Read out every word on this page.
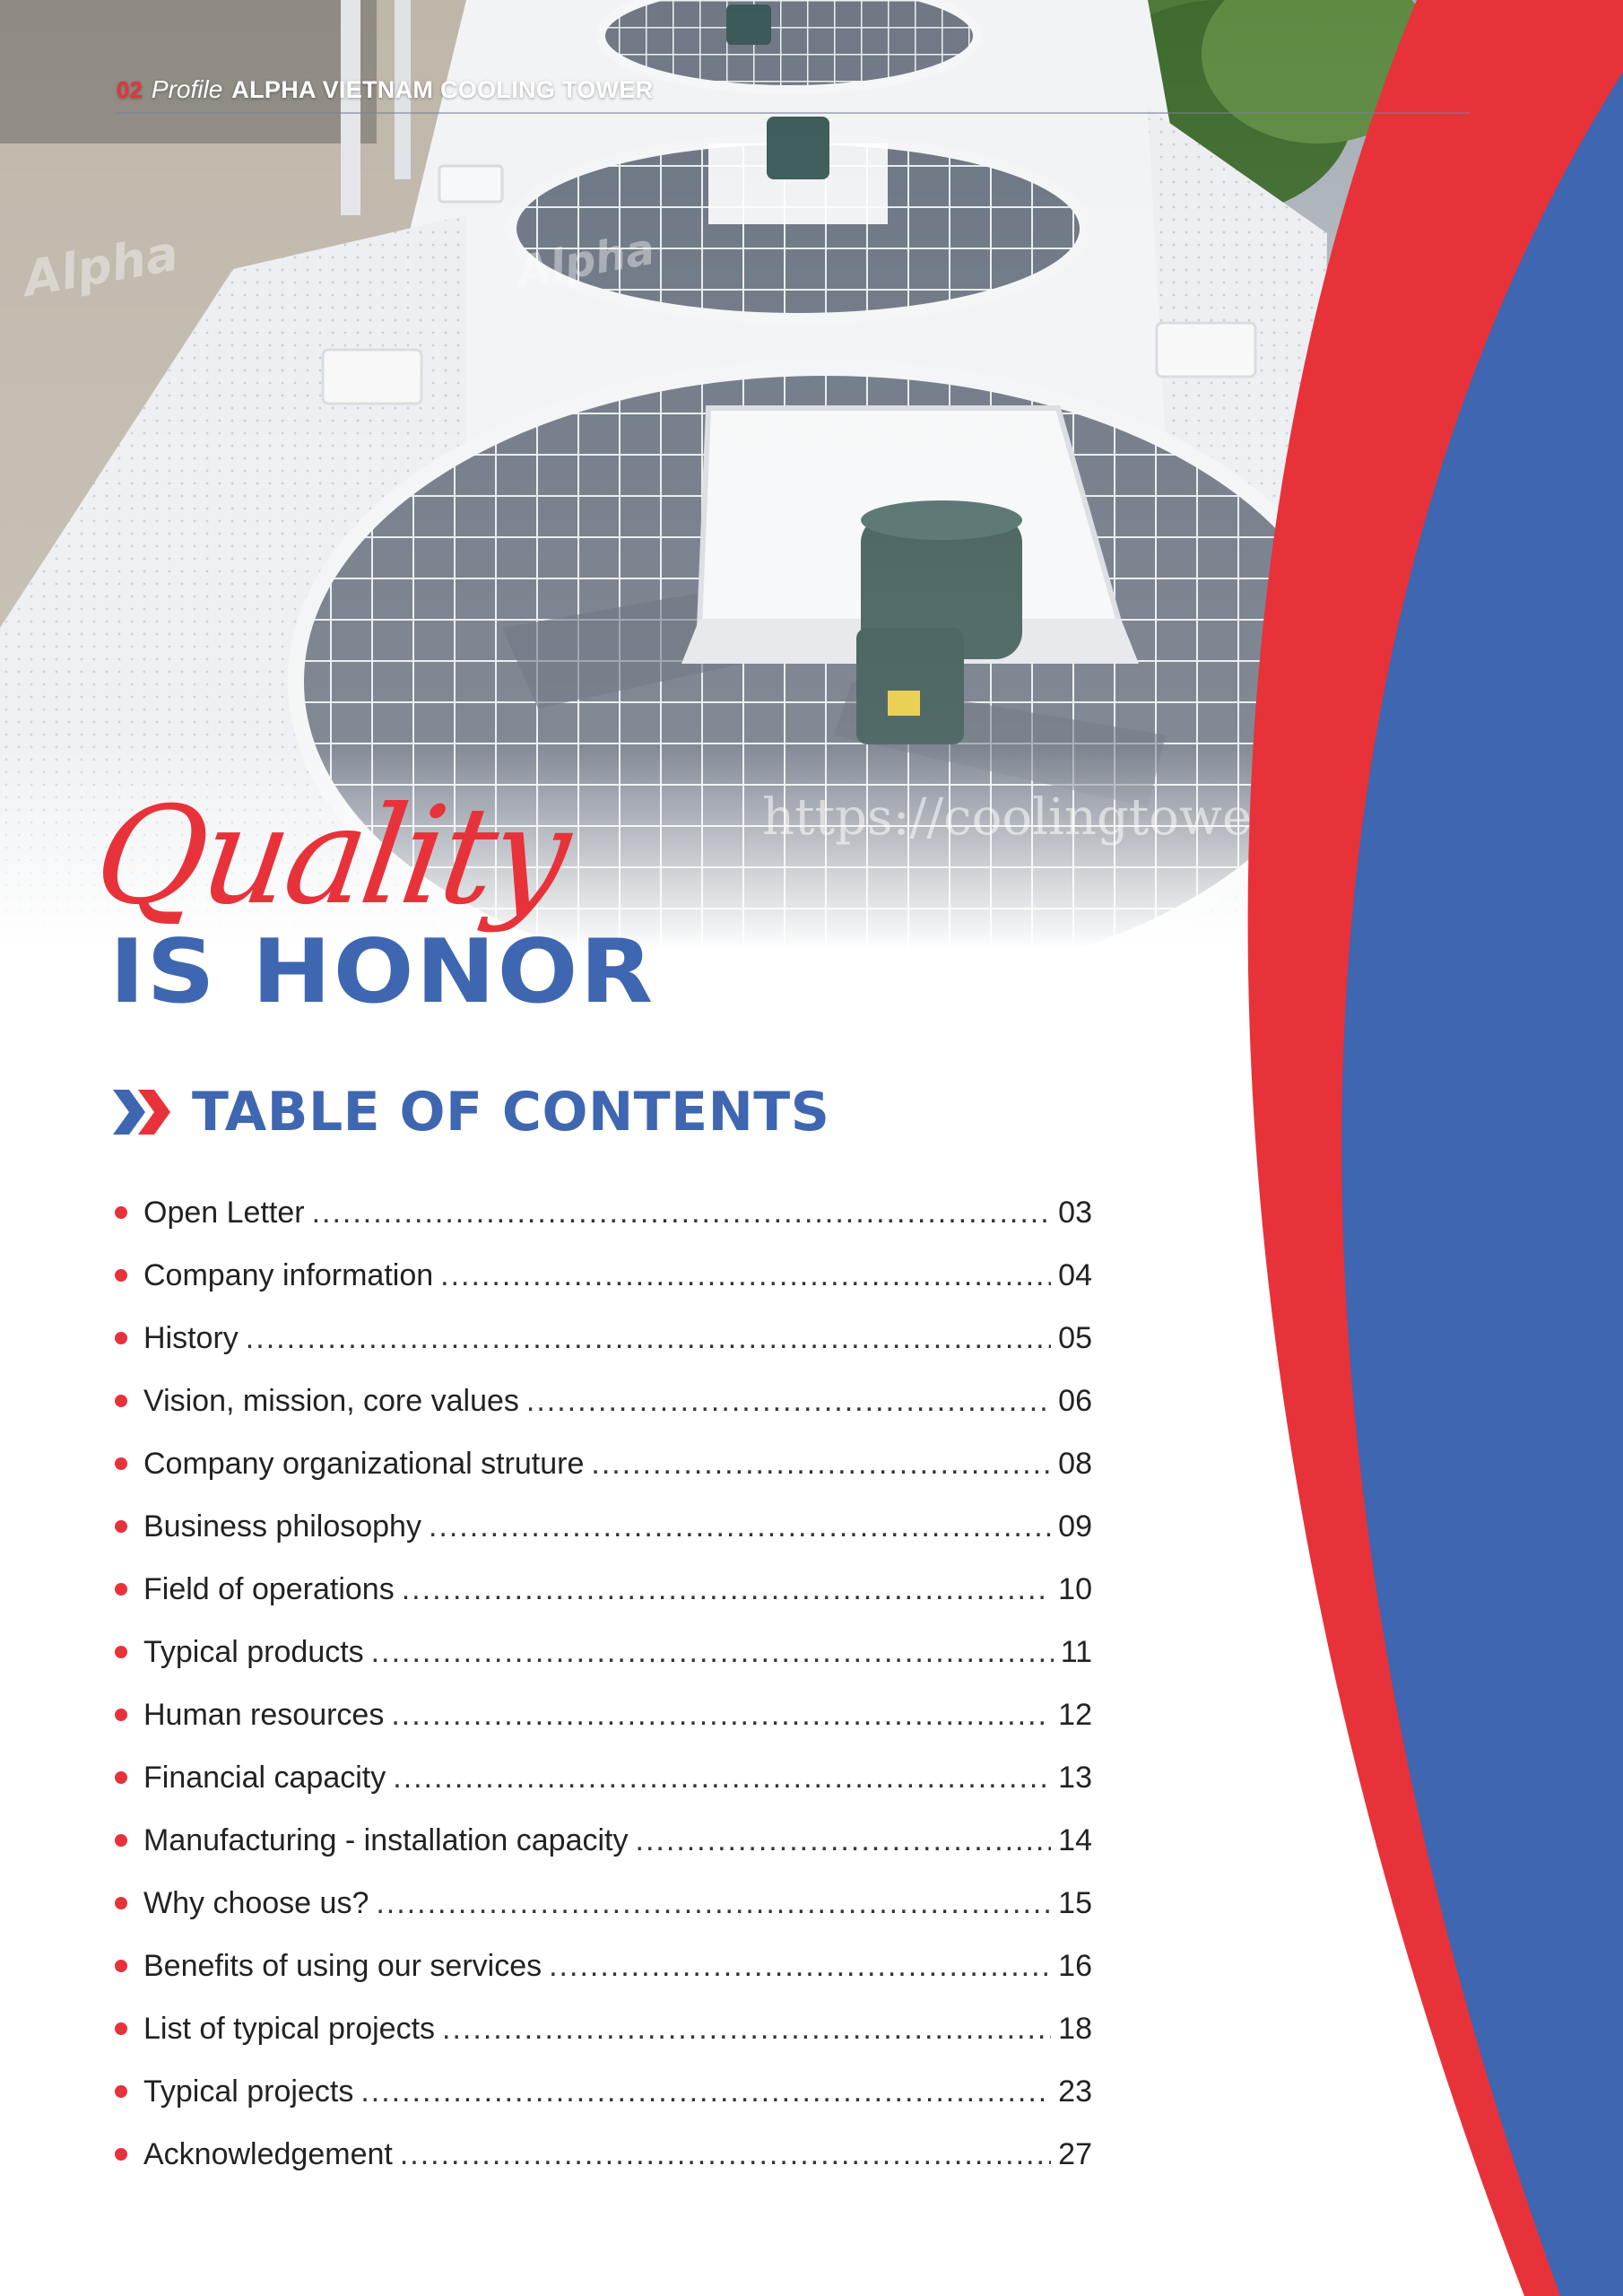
02 Profile ALPHA VIETNAM COOLING TOWER
Quality
IS HONOR
TABLE OF CONTENTS
Open Letter .....	03
Company information .....	04
History .....	05
Vision, mission, core values .....	06
Company organizational struture .....	08
Business philosophy .....	09
Field of operations .....	10
Typical products .....	11
Human resources .....	12
Financial capacity .....	13
Manufacturing - installation capacity .....	14
Why choose us? .....	15
Benefits of using our services .....	16
List of typical projects .....	18
Typical projects .....	23
Acknowledgement .....	27
